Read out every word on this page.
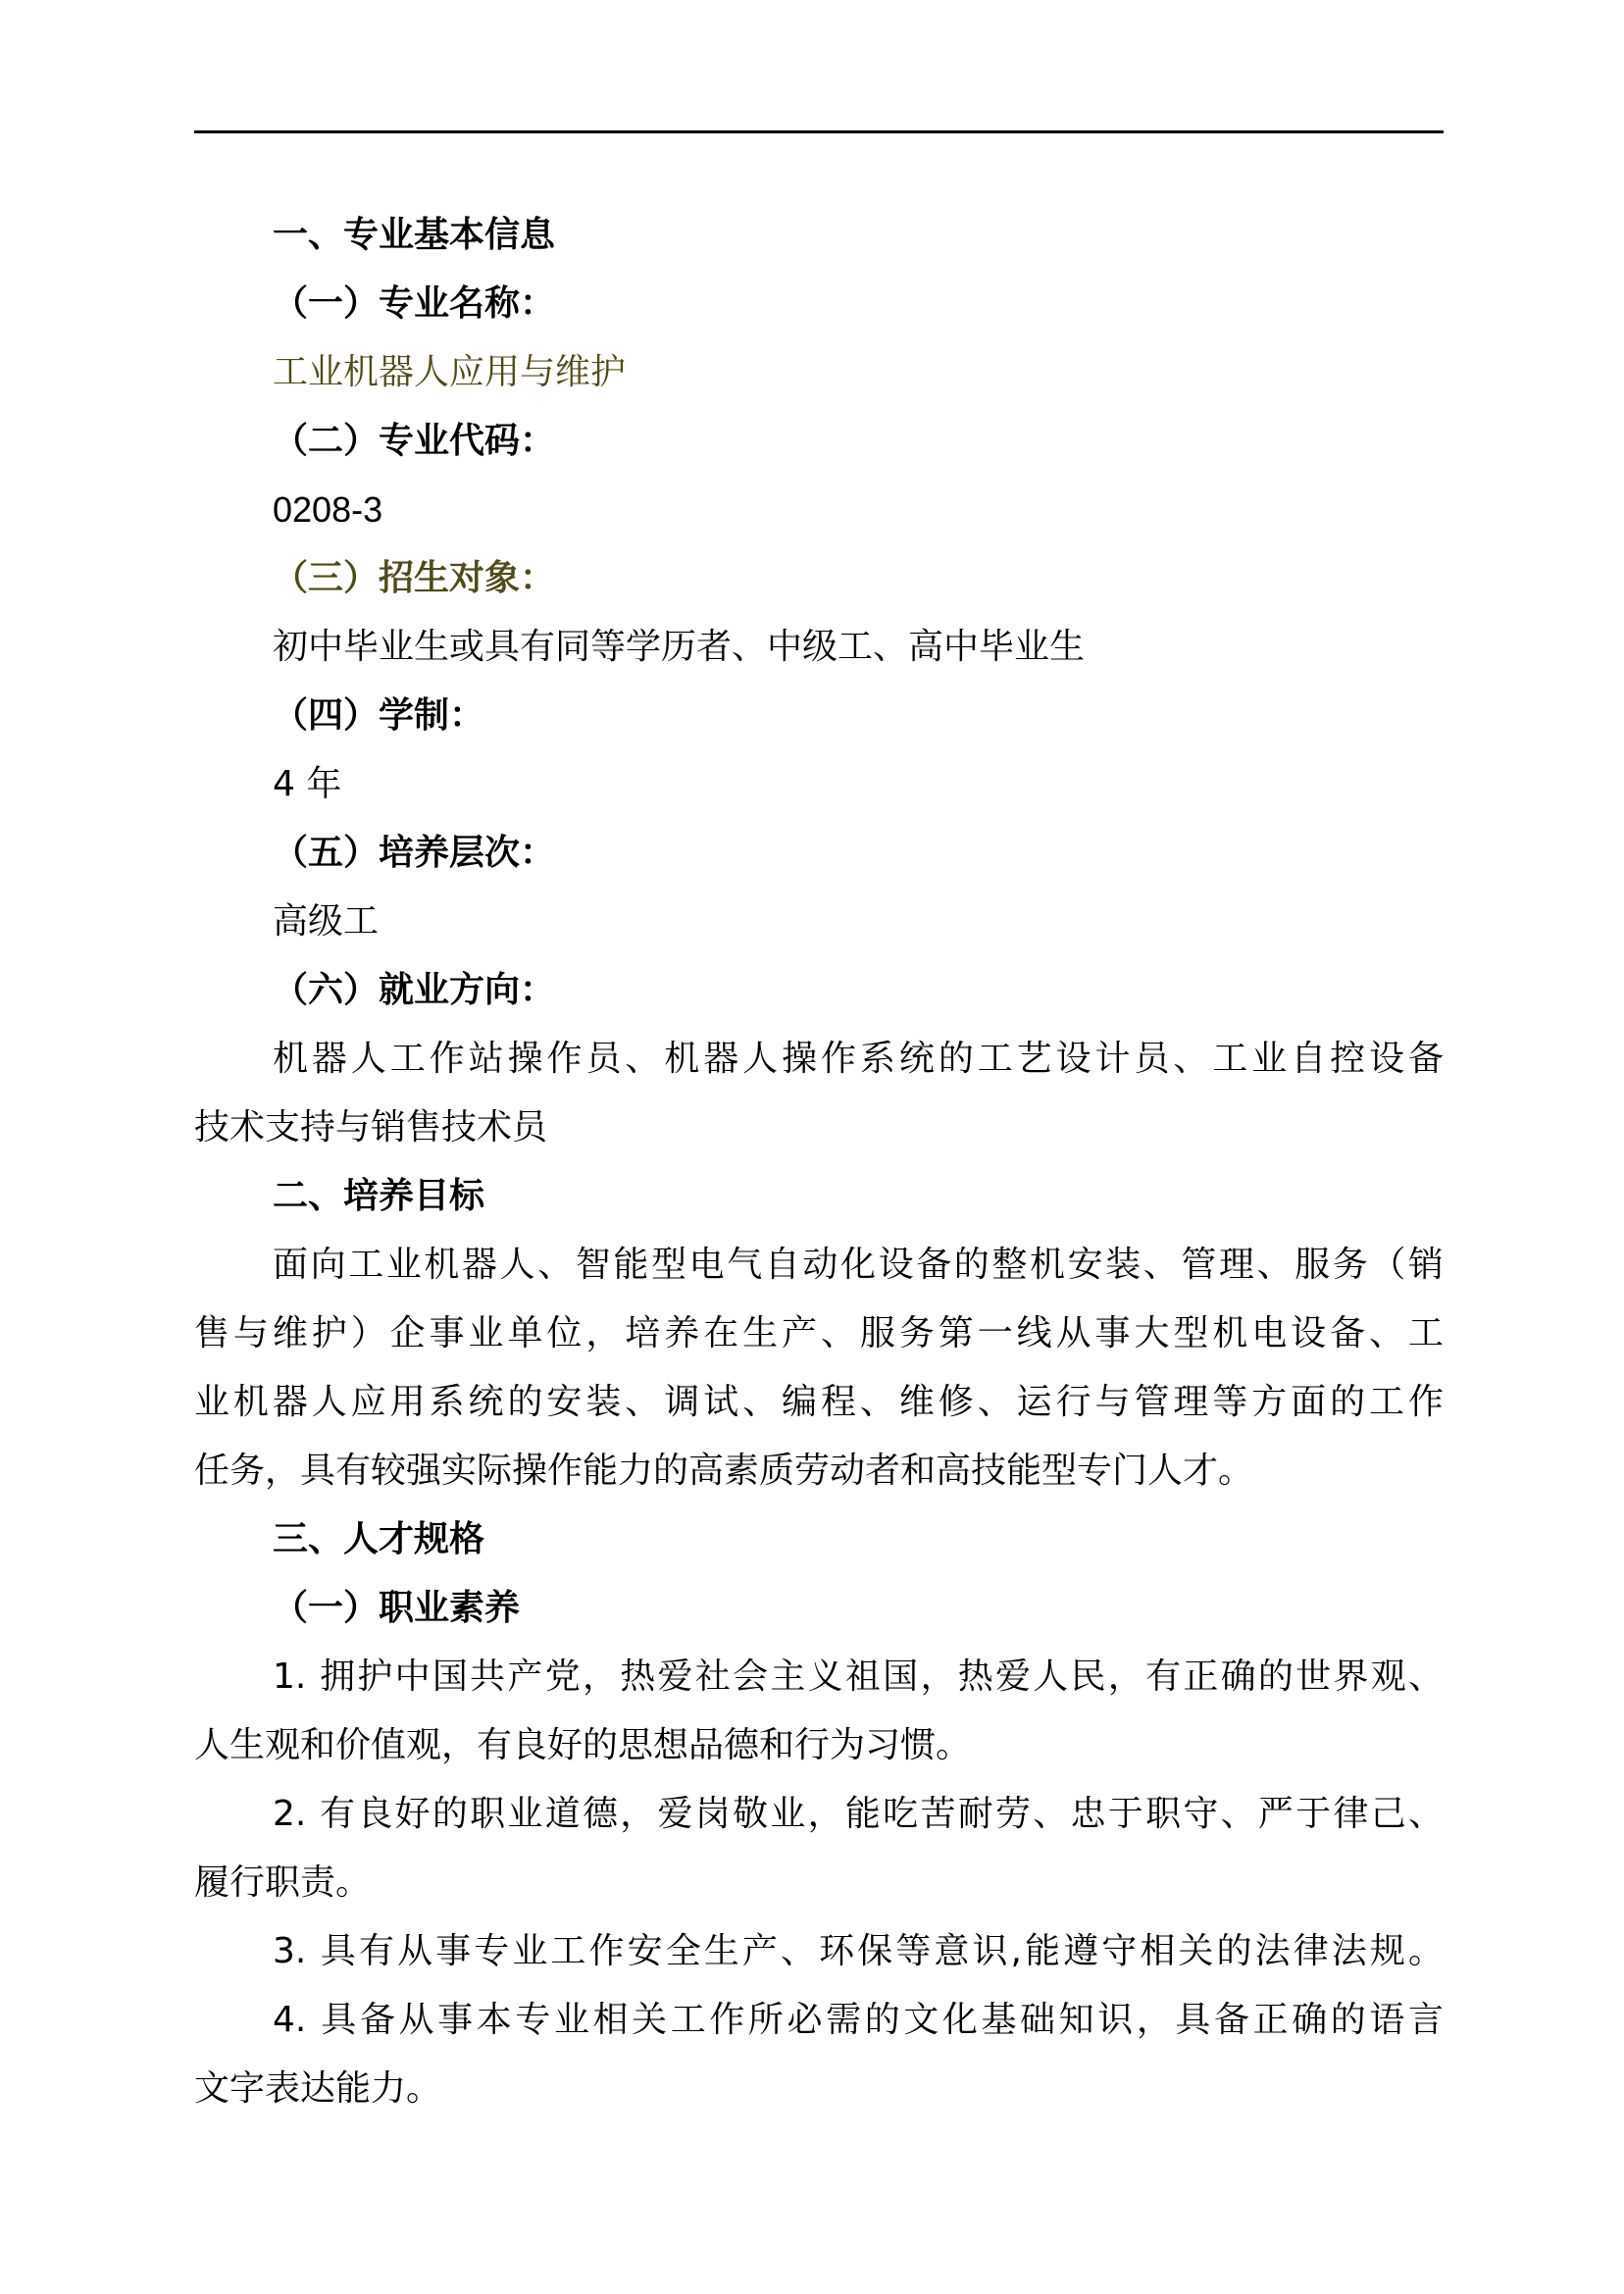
一、专业基本信息

（一）专业名称：

工业机器人应用与维护

（二）专业代码：

0208-3

（三）招生对象：

初中毕业生或具有同等学历者、中级工、高中毕业生

（四）学制：

4 年

（五）培养层次：

高级工

（六）就业方向：

机器人工作站操作员、机器人操作系统的工艺设计员、工业自控设备

技术支持与销售技术员

二、培养目标

面向工业机器人、智能型电气自动化设备的整机安装、管理、服务（销

售与维护）企事业单位，培养在生产、服务第一线从事大型机电设备、工

业机器人应用系统的安装、调试、编程、维修、运行与管理等方面的工作

任务，具有较强实际操作能力的高素质劳动者和高技能型专门人才。

三、人才规格

（一）职业素养

1. 拥护中国共产党，热爱社会主义祖国，热爱人民，有正确的世界观、

人生观和价值观，有良好的思想品德和行为习惯。

2. 有良好的职业道德，爱岗敬业，能吃苦耐劳、忠于职守、严于律己、

履行职责。

3. 具有从事专业工作安全生产、环保等意识,能遵守相关的法律法规。

4. 具备从事本专业相关工作所必需的文化基础知识，具备正确的语言

文字表达能力。
